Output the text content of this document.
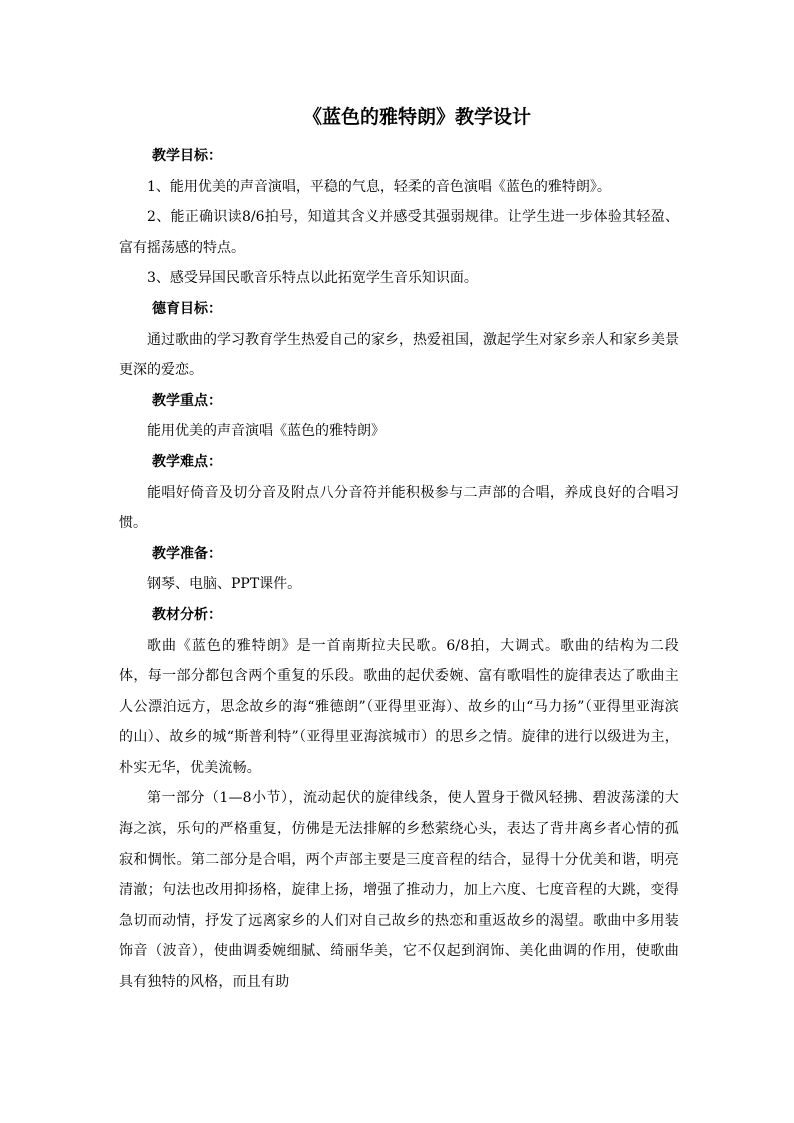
《蓝色的雅特朗》教学设计

教学目标：

1、能用优美的声音演唱，平稳的气息，轻柔的音色演唱《蓝色的雅特朗》。

2、能正确识读8/6拍号，知道其含义并感受其强弱规律。让学生进一步体验其轻盈、富有摇荡感的特点。

3、感受异国民歌音乐特点以此拓宽学生音乐知识面。

德育目标：

通过歌曲的学习教育学生热爱自己的家乡，热爱祖国，激起学生对家乡亲人和家乡美景更深的爱恋。

教学重点：

能用优美的声音演唱《蓝色的雅特朗》

教学难点：

能唱好倚音及切分音及附点八分音符并能积极参与二声部的合唱，养成良好的合唱习惯。

教学准备：

钢琴、电脑、PPT课件。

教材分析：

歌曲《蓝色的雅特朗》是一首南斯拉夫民歌。6/8拍，大调式。歌曲的结构为二段体，每一部分都包含两个重复的乐段。歌曲的起伏委婉、富有歌唱性的旋律表达了歌曲主人公漂泊远方，思念故乡的海“雅德朗”（亚得里亚海）、故乡的山“马力扬”（亚得里亚海滨的山）、故乡的城“斯普利特”（亚得里亚海滨城市）的思乡之情。旋律的进行以级进为主，朴实无华，优美流畅。

第一部分（1—8小节），流动起伏的旋律线条，使人置身于微风轻拂、碧波荡漾的大海之滨，乐句的严格重复，仿佛是无法排解的乡愁萦绕心头，表达了背井离乡者心情的孤寂和惆怅。第二部分是合唱，两个声部主要是三度音程的结合，显得十分优美和谐，明亮清澈；句法也改用抑扬格，旋律上扬，增强了推动力，加上六度、七度音程的大跳，变得急切而动情，抒发了远离家乡的人们对自己故乡的热恋和重返故乡的渴望。歌曲中多用装饰音（波音），使曲调委婉细腻、绮丽华美，它不仅起到润饰、美化曲调的作用，使歌曲具有独特的风格，而且有助
